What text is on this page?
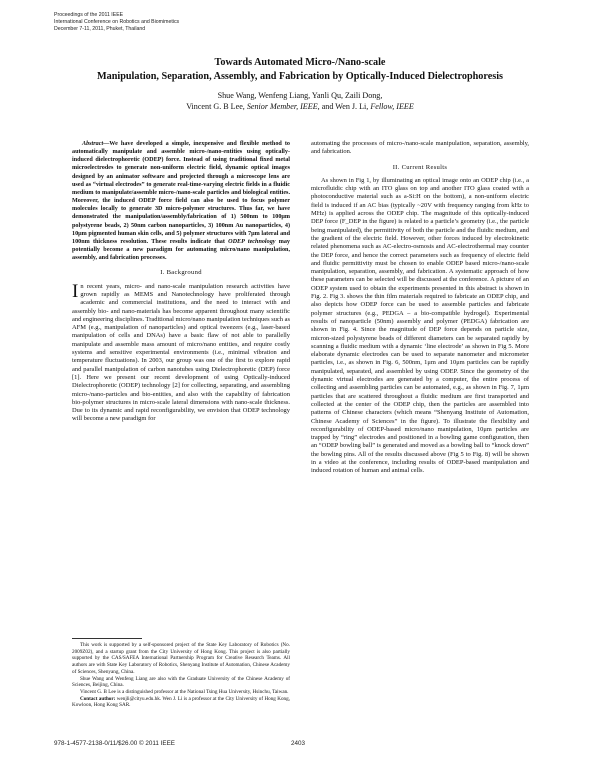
Proceedings of the 2011 IEEE
International Conference on Robotics and Biomimetics
December 7-11, 2011, Phuket, Thailand
Towards Automated Micro-/Nano-scale
Manipulation, Separation, Assembly, and Fabrication by Optically-Induced Dielectrophoresis
Shue Wang, Wenfeng Liang, Yanli Qu, Zaili Dong,
Vincent G. B Lee, Senior Member, IEEE, and Wen J. Li, Fellow, IEEE

Abstract—We have developed a simple, inexpensive and flexible method to automatically manipulate and assemble micro-/nano-entities using optically-induced dielectrophoretic (ODEP) force. Instead of using traditional fixed metal microelectrodes to generate non-uniform electric field, dynamic optical images designed by an animator software and projected through a microscope lens are used as “virtual electrodes” to generate real-time-varying electric fields in a fluidic medium to manipulate/assemble micro-/nano-scale particles and biological entities. Moreover, the induced ODEP force field can also be used to focus polymer molecules locally to generate 3D micro-polymer structures. Thus far, we have demonstrated the manipulation/assembly/fabrication of 1) 500nm to 100μm polystyrene beads, 2) 50nm carbon nanoparticles, 3) 100nm Au nanoparticles, 4) 10μm pigmented human skin cells, and 5) polymer structures with 7μm lateral and 100nm thickness resolution. These results indicate that ODEP technology may potentially become a new paradigm for automating micro/nano manipulation, assembly, and fabrication processes.

I. Background

In recent years, micro- and nano-scale manipulation research activities have grown rapidly as MEMS and Nanotechnology have proliferated through academic and commercial institutions, and the need to interact with and assembly bio- and nano-materials has become apparent throughout many scientific and engineering disciplines. Traditional micro/nano manipulation techniques such as AFM (e.g., manipulation of nanoparticles) and optical tweezers (e.g., laser-based manipulation of cells and DNAs) have a basic flaw of not able to parallelly manipulate and assemble mass amount of micro/nano entities, and require costly systems and sensitive experimental environments (i.e., minimal vibration and temperature fluctuations). In 2003, our group was one of the first to explore rapid and parallel manipulation of carbon nanotubes using Dielectrophoretic (DEP) force [1]. Here we present our recent development of using Optically-induced Dielectrophoretic (ODEP) technology [2] for collecting, separating, and assembling micro-/nano-particles and bio-entities, and also with the capability of fabrication bio-polymer structures in micro-scale lateral dimensions with nano-scale thickness. Due to its dynamic and rapid reconfigurability, we envision that ODEP technology will become a new paradigm for

This work is supported by a self-sponsored project of the State Key Laboratory of Robotics (No. 2009Z02), and a startup grant from the City University of Hong Kong. This project is also partially supported by the CAS/SAFEA International Partnership Program for Creative Research Teams. All authors are with State Key Laboratory of Robotics, Shenyang Institute of Automation, Chinese Academy of Sciences, Shenyang, China.

Shue Wang and Wenfeng Liang are also with the Graduate University of the Chinese Academy of Sciences, Beijing, China.

Vincent G. B Lee is a distinguished professor at the National Tsing Hua University, Hsinchu, Taiwan.

Contact author: wenjli@cityu.edu.hk. Wen J. Li is a professor at the City University of Hong Kong, Kowloon, Hong Kong SAR.

automating the processes of micro-/nano-scale manipulation, separation, assembly, and fabrication.

II. Current Results

As shown in Fig 1, by illuminating an optical image onto an ODEP chip (i.e., a microfluidic chip with an ITO glass on top and another ITO glass coated with a photoconductive material such as a-Si:H on the bottom), a non-uniform electric field is induced if an AC bias (typically ~20V with frequency ranging from kHz to MHz) is applied across the ODEP chip. The magnitude of this optically-induced DEP force (F_DEP in the figure) is related to a particle’s geometry (i.e., the particle being manipulated), the permittivity of both the particle and the fluidic medium, and the gradient of the electric field. However, other forces induced by electrokinetic related phenomena such as AC-electro-osmosis and AC-electrothermal may counter the DEP force, and hence the correct parameters such as frequency of electric field and fluidic permittivity must be chosen to enable ODEP based micro-/nano-scale manipulation, separation, assembly, and fabrication. A systematic approach of how these parameters can be selected will be discussed at the conference. A picture of an ODEP system used to obtain the experiments presented in this abstract is shown in Fig. 2. Fig 3. shows the thin film materials required to fabricate an ODEP chip, and also depicts how ODEP force can be used to assemble particles and fabricate polymer structures (e.g., PEDGA – a bio-compatible hydrogel). Experimental results of nanoparticle (50nm) assembly and polymer (PEDGA) fabrication are shown in Fig. 4. Since the magnitude of DEP force depends on particle size, micron-sized polystyrene beads of different diameters can be separated rapidly by scanning a fluidic medium with a dynamic ‘line electrode’ as shown in Fig 5. More elaborate dynamic electrodes can be used to separate nanometer and micrometer particles, i.e., as shown in Fig. 6, 500nm, 1μm and 10μm particles can be rapidly manipulated, separated, and assembled by using ODEP. Since the geometry of the dynamic virtual electrodes are generated by a computer, the entire process of collecting and assembling particles can be automated, e.g., as shown in Fig. 7, 1μm particles that are scattered throughout a fluidic medium are first transported and collected at the center of the ODEP chip, then the particles are assembled into patterns of Chinese characters (which means “Shenyang Institute of Automation, Chinese Academy of Sciences” in the figure). To illustrate the flexibility and reconfigurability of ODEP-based micro/nano manipulation, 10μm particles are trapped by “ring” electrodes and positioned in a bowling game configuration, then an “ODEP bowling ball” is generated and moved as a bowling ball to “knock down” the bowling pins. All of the results discussed above (Fig 5 to Fig. 8) will be shown in a video at the conference, including results of ODEP-based manipulation and induced rotation of human and animal cells.

978-1-4577-2138-0/11/$26.00 © 2011 IEEE	2403
